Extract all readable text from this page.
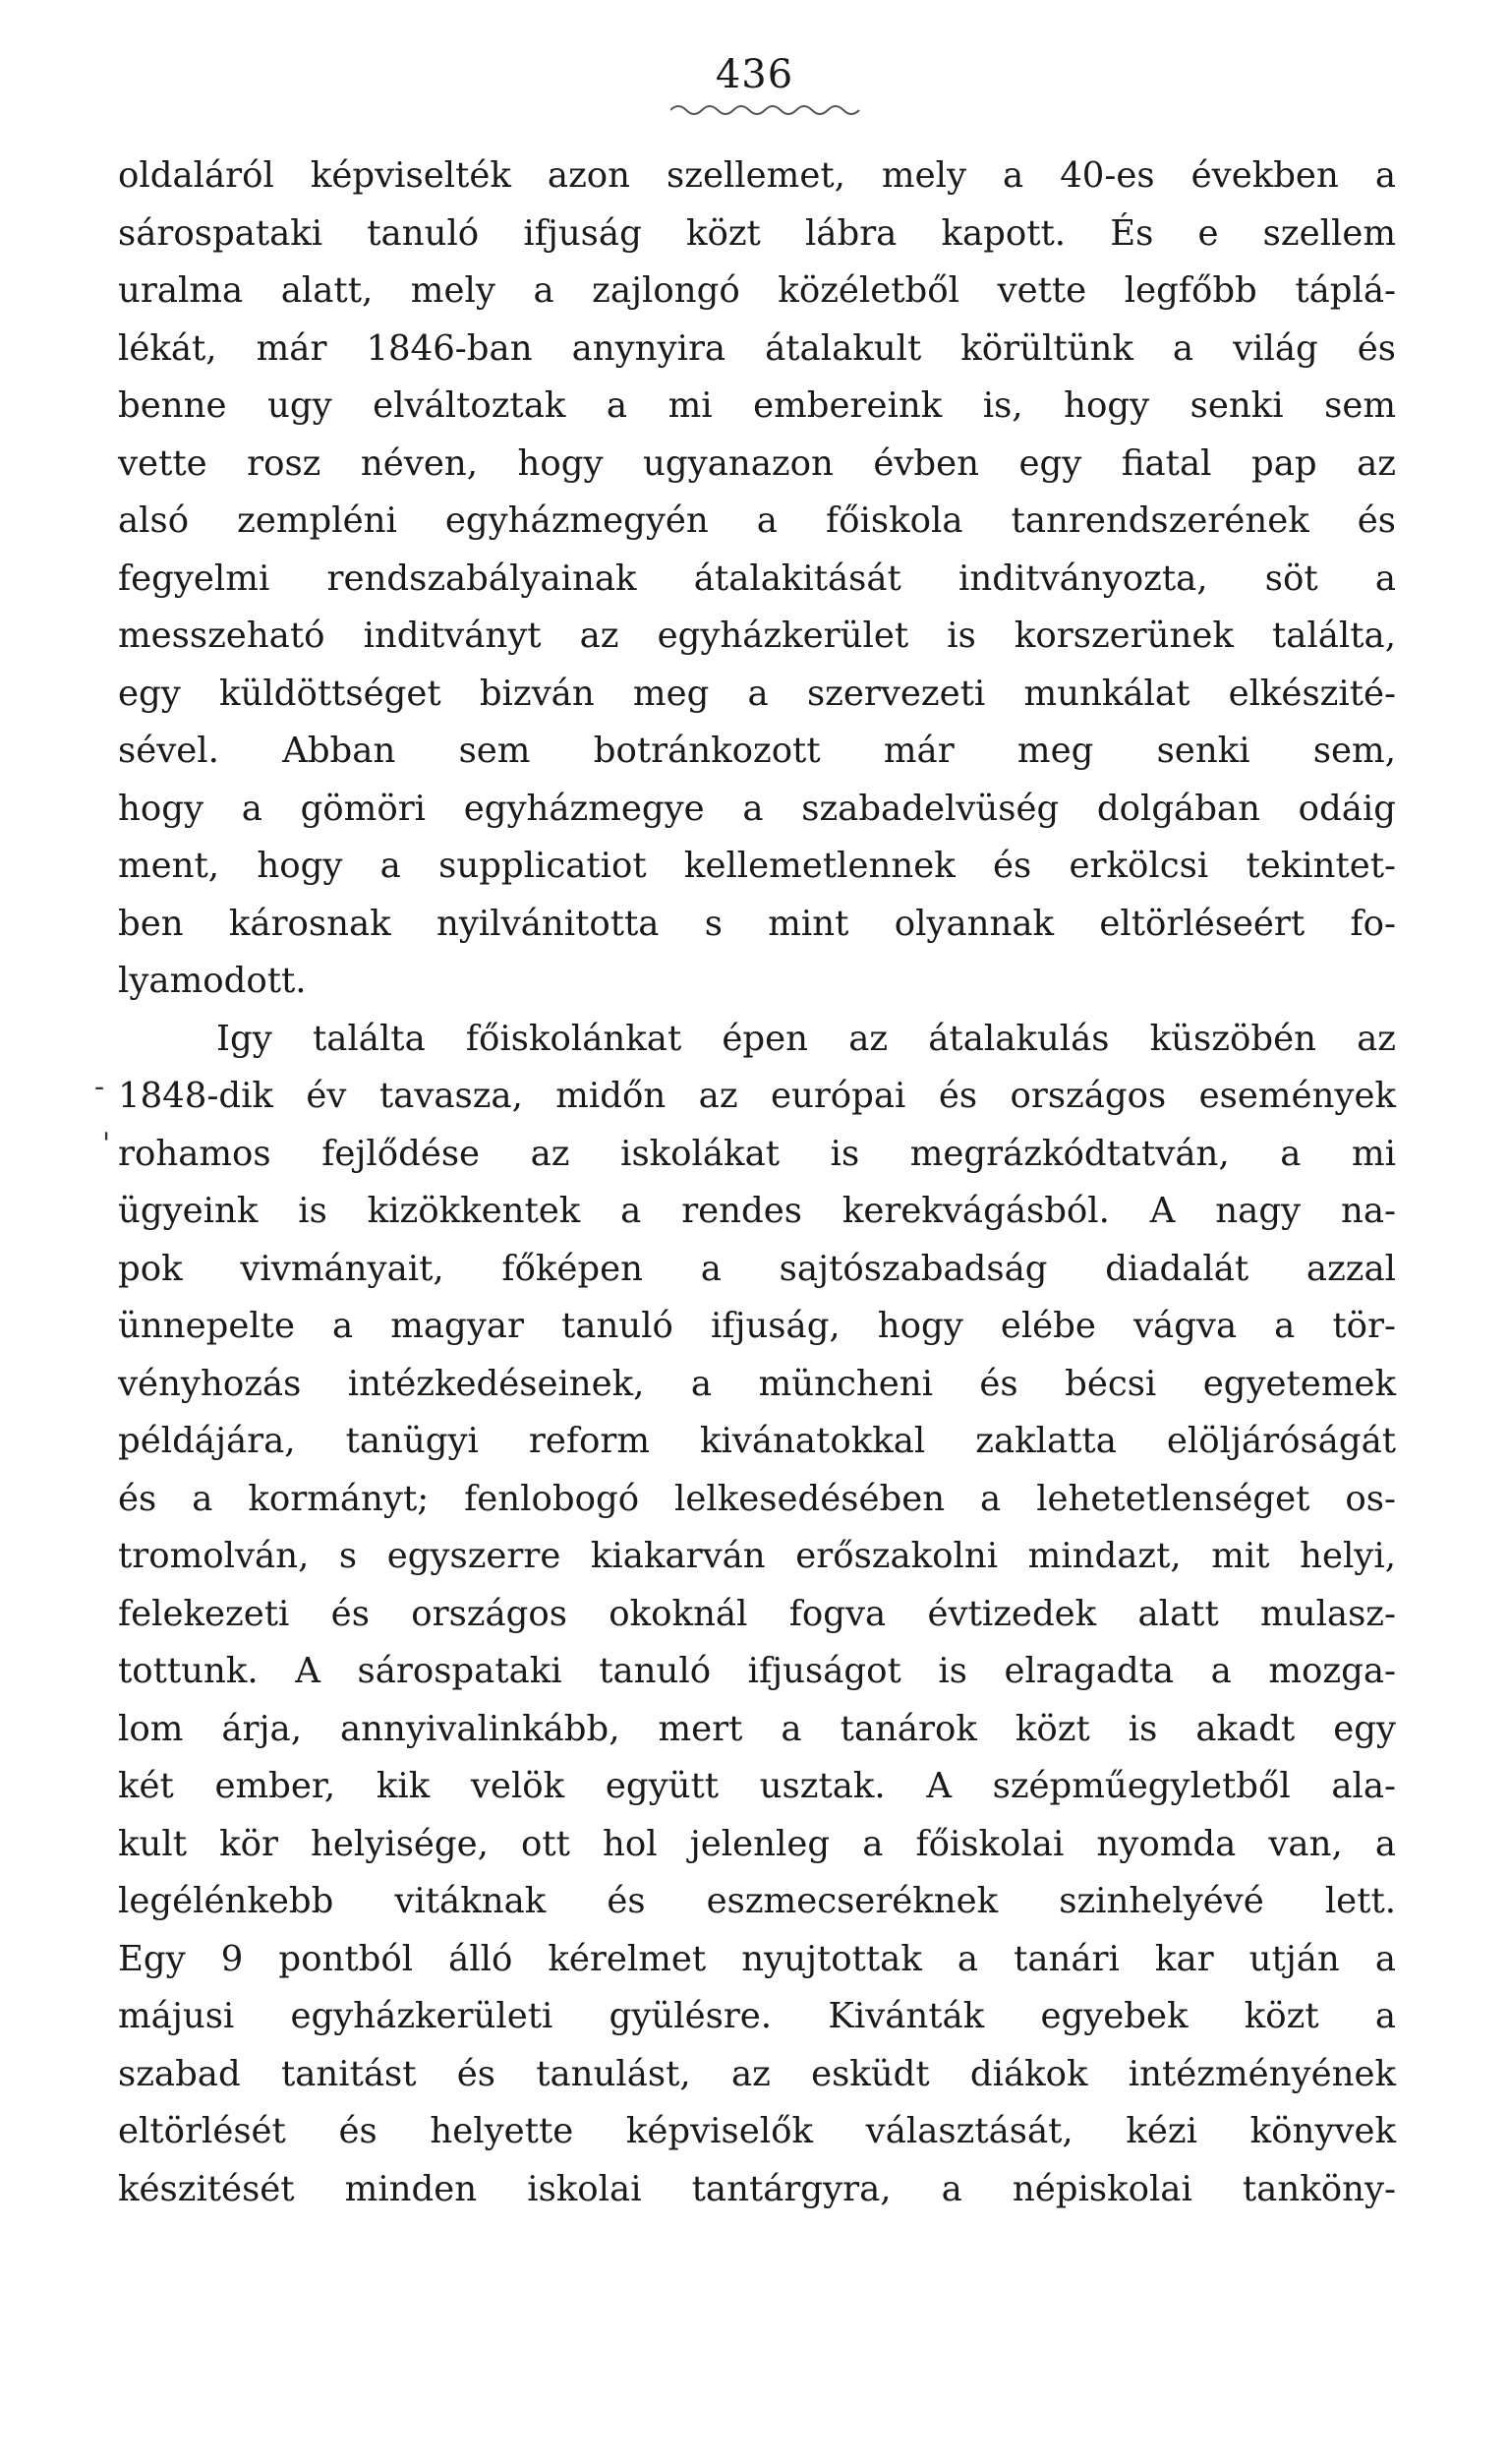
436
-
'
oldaláról képviselték azon szellemet, mely a 40-es években a
sárospataki tanuló ifjuság közt lábra kapott. És e szellem
uralma alatt, mely a zajlongó közéletből vette legfőbb táplá-
lékát, már 1846-ban anynyira átalakult körültünk a világ és
benne ugy elváltoztak a mi embereink is, hogy senki sem
vette rosz néven, hogy ugyanazon évben egy fiatal pap az
alsó zempléni egyházmegyén a főiskola tanrendszerének és
fegyelmi rendszabályainak átalakitását inditványozta, söt a
messzeható inditványt az egyházkerület is korszerünek találta,
egy küldöttséget bizván meg a szervezeti munkálat elkészité-
sével. Abban sem botránkozott már meg senki sem,
hogy a gömöri egyházmegye a szabadelvüség dolgában odáig
ment, hogy a supplicatiot kellemetlennek és erkölcsi tekintet-
ben károsnak nyilvánitotta s mint olyannak eltörléseért fo-
lyamodott.
Igy találta főiskolánkat épen az átalakulás küszöbén az
1848-dik év tavasza, midőn az európai és országos események
rohamos fejlődése az iskolákat is megrázkódtatván, a mi
ügyeink is kizökkentek a rendes kerekvágásból. A nagy na-
pok vivmányait, főképen a sajtószabadság diadalát azzal
ünnepelte a magyar tanuló ifjuság, hogy elébe vágva a tör-
vényhozás intézkedéseinek, a müncheni és bécsi egyetemek
példájára, tanügyi reform kivánatokkal zaklatta elöljáróságát
és a kormányt; fenlobogó lelkesedésében a lehetetlenséget os-
tromolván, s egyszerre kiakarván erőszakolni mindazt, mit helyi,
felekezeti és országos okoknál fogva évtizedek alatt mulasz-
tottunk. A sárospataki tanuló ifjuságot is elragadta a mozga-
lom árja, annyivalinkább, mert a tanárok közt is akadt egy
két ember, kik velök együtt usztak. A szépműegyletből ala-
kult kör helyisége, ott hol jelenleg a főiskolai nyomda van, a
legélénkebb vitáknak és eszmecseréknek szinhelyévé lett.
Egy 9 pontból álló kérelmet nyujtottak a tanári kar utján a
májusi egyházkerületi gyülésre. Kivánták egyebek közt a
szabad tanitást és tanulást, az esküdt diákok intézményének
eltörlését és helyette képviselők választását, kézi könyvek
készitését minden iskolai tantárgyra, a népiskolai tanköny-
